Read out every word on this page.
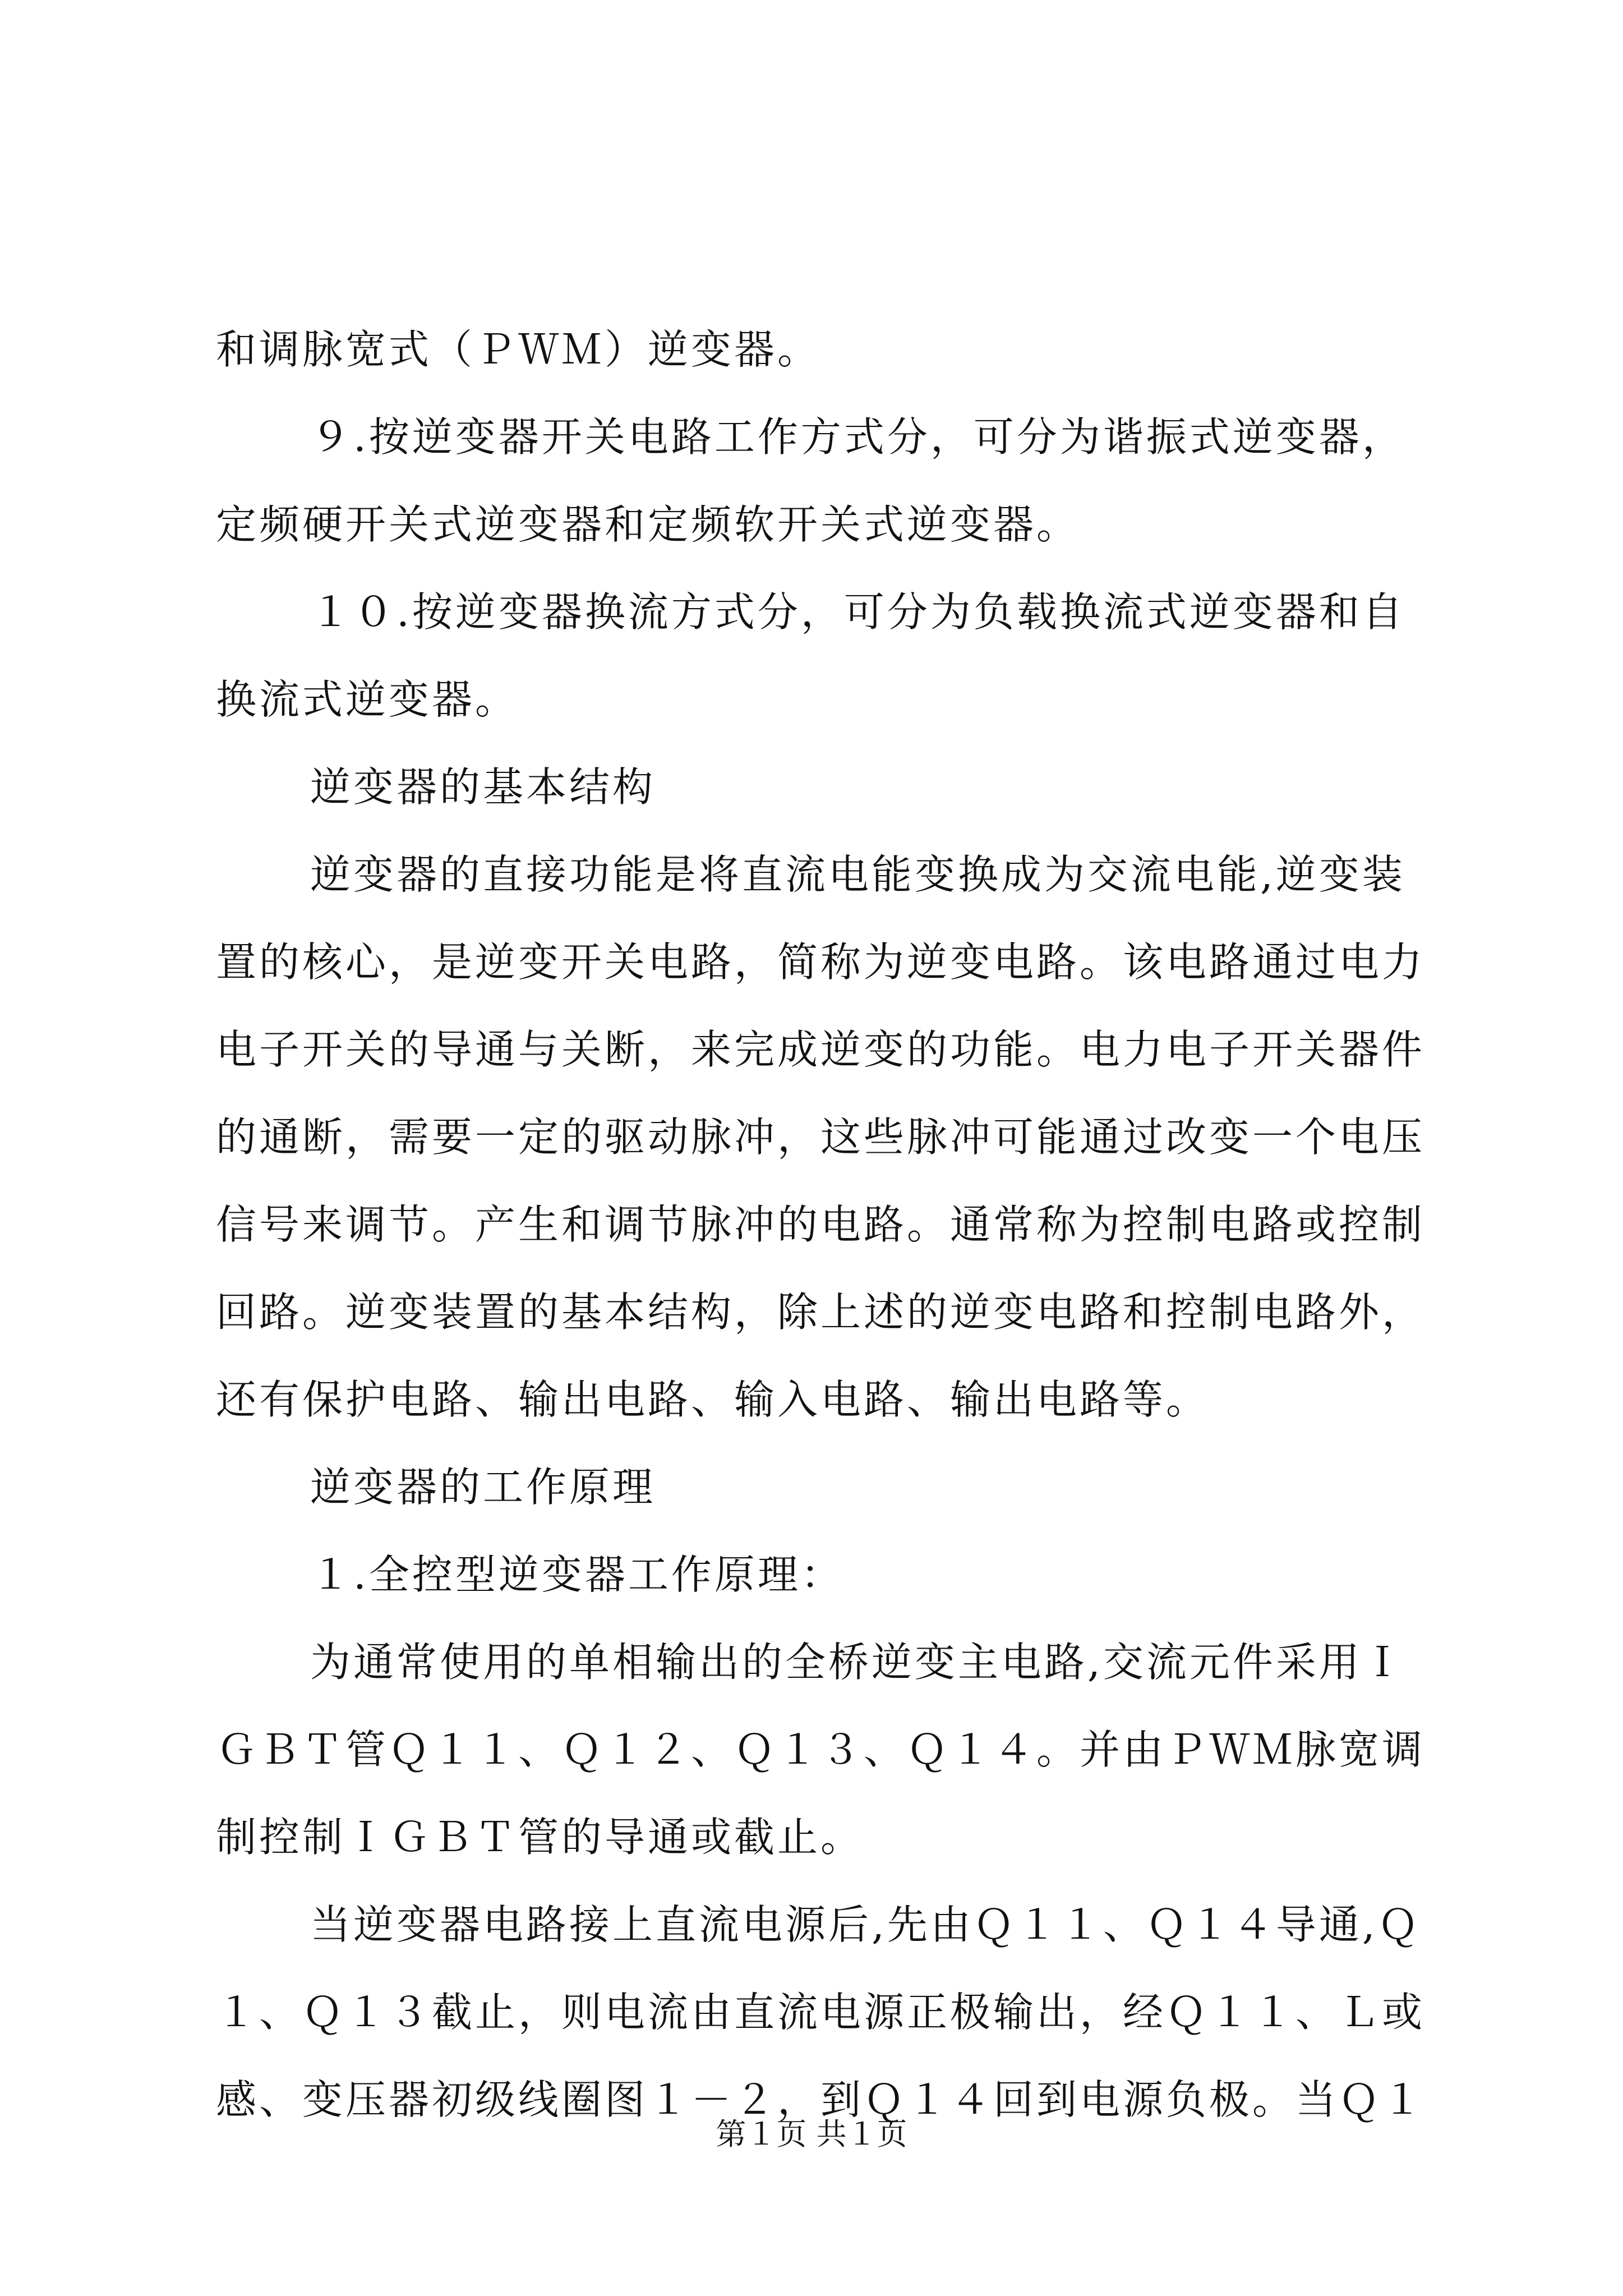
和调脉宽式（ＰＷＭ）逆变器。
９.按逆变器开关电路工作方式分，可分为谐振式逆变器，
定频硬开关式逆变器和定频软开关式逆变器。
１０.按逆变器换流方式分，可分为负载换流式逆变器和自
换流式逆变器。
逆变器的基本结构
逆变器的直接功能是将直流电能变换成为交流电能,逆变装
置的核心，是逆变开关电路，简称为逆变电路。该电路通过电力
电子开关的导通与关断，来完成逆变的功能。电力电子开关器件
的通断，需要一定的驱动脉冲，这些脉冲可能通过改变一个电压
信号来调节。产生和调节脉冲的电路。通常称为控制电路或控制
回路。逆变装置的基本结构，除上述的逆变电路和控制电路外，
还有保护电路、输出电路、输入电路、输出电路等。
逆变器的工作原理
１.全控型逆变器工作原理：
为通常使用的单相输出的全桥逆变主电路,交流元件采用Ｉ
ＧＢＴ管Ｑ１１、Ｑ１２、Ｑ１３、Ｑ１４。并由ＰＷＭ脉宽调
制控制ＩＧＢＴ管的导通或截止。
当逆变器电路接上直流电源后,先由Ｑ１１、Ｑ１４导通,Ｑ
１、Ｑ１３截止，则电流由直流电源正极输出，经Ｑ１１、Ｌ或
感、变压器初级线圈图１－２，到Ｑ１４回到电源负极。当Ｑ１
第１页 共１页
